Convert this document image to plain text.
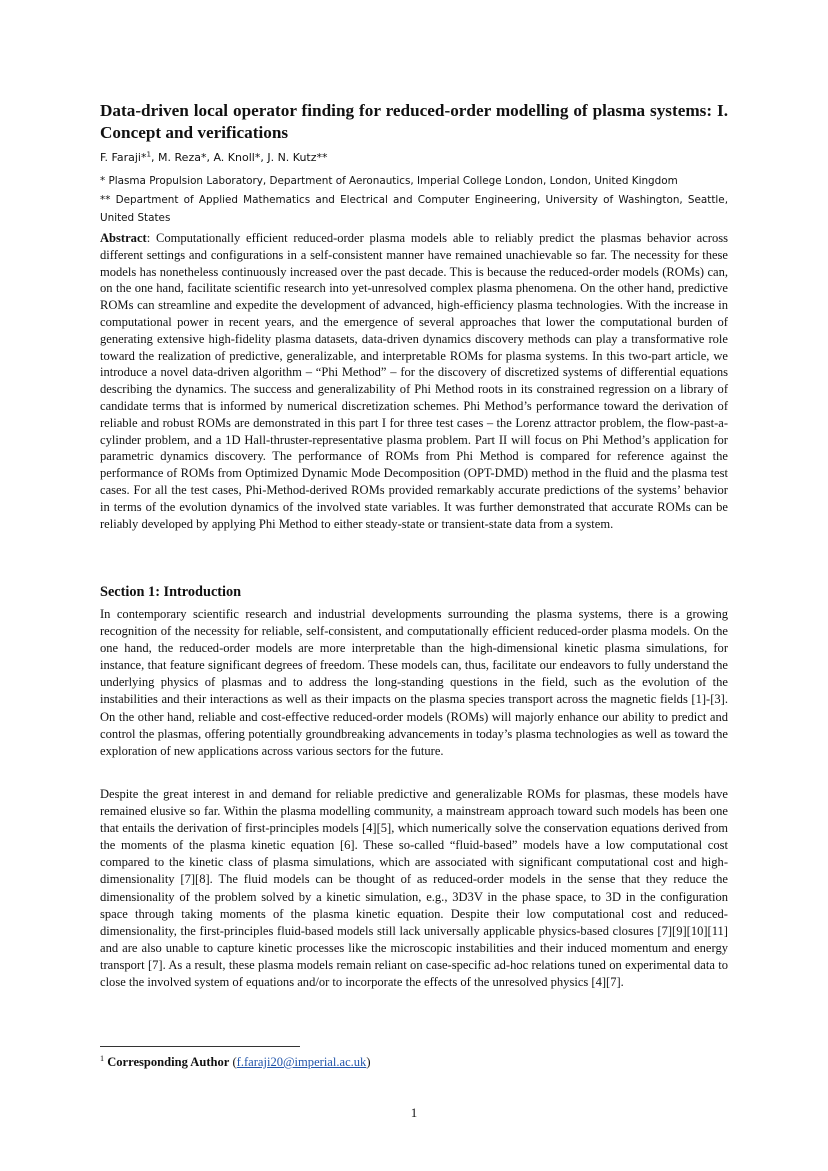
Data-driven local operator finding for reduced-order modelling of plasma systems: I. Concept and verifications
F. Faraji*$^1$, M. Reza*, A. Knoll*, J. N. Kutz**
* Plasma Propulsion Laboratory, Department of Aeronautics, Imperial College London, London, United Kingdom
** Department of Applied Mathematics and Electrical and Computer Engineering, University of Washington, Seattle, United States

Abstract: Computationally efficient reduced-order plasma models able to reliably predict the plasmas behavior across different settings and configurations in a self-consistent manner have remained unachievable so far. The necessity for these models has nonetheless continuously increased over the past decade. This is because the reduced-order models (ROMs) can, on the one hand, facilitate scientific research into yet-unresolved complex plasma phenomena. On the other hand, predictive ROMs can streamline and expedite the development of advanced, high-efficiency plasma technologies. With the increase in computational power in recent years, and the emergence of several approaches that lower the computational burden of generating extensive high-fidelity plasma datasets, data-driven dynamics discovery methods can play a transformative role toward the realization of predictive, generalizable, and interpretable ROMs for plasma systems. In this two-part article, we introduce a novel data-driven algorithm – “Phi Method” – for the discovery of discretized systems of differential equations describing the dynamics. The success and generalizability of Phi Method roots in its constrained regression on a library of candidate terms that is informed by numerical discretization schemes. Phi Method’s performance toward the derivation of reliable and robust ROMs are demonstrated in this part I for three test cases – the Lorenz attractor problem, the flow-past-a-cylinder problem, and a 1D Hall-thruster-representative plasma problem. Part II will focus on Phi Method’s application for parametric dynamics discovery. The performance of ROMs from Phi Method is compared for reference against the performance of ROMs from Optimized Dynamic Mode Decomposition (OPT-DMD) method in the fluid and the plasma test cases. For all the test cases, Phi-Method-derived ROMs provided remarkably accurate predictions of the systems’ behavior in terms of the evolution dynamics of the involved state variables. It was further demonstrated that accurate ROMs can be reliably developed by applying Phi Method to either steady-state or transient-state data from a system.

Section 1: Introduction

In contemporary scientific research and industrial developments surrounding the plasma systems, there is a growing recognition of the necessity for reliable, self-consistent, and computationally efficient reduced-order plasma models. On the one hand, the reduced-order models are more interpretable than the high-dimensional kinetic plasma simulations, for instance, that feature significant degrees of freedom. These models can, thus, facilitate our endeavors to fully understand the underlying physics of plasmas and to address the long-standing questions in the field, such as the evolution of the instabilities and their interactions as well as their impacts on the plasma species transport across the magnetic fields [1]-[3]. On the other hand, reliable and cost-effective reduced-order models (ROMs) will majorly enhance our ability to predict and control the plasmas, offering potentially groundbreaking advancements in today’s plasma technologies as well as toward the exploration of new applications across various sectors for the future.

Despite the great interest in and demand for reliable predictive and generalizable ROMs for plasmas, these models have remained elusive so far. Within the plasma modelling community, a mainstream approach toward such models has been one that entails the derivation of first-principles models [4][5], which numerically solve the conservation equations derived from the moments of the plasma kinetic equation [6]. These so-called “fluid-based” models have a low computational cost compared to the kinetic class of plasma simulations, which are associated with significant computational cost and high-dimensionality [7][8]. The fluid models can be thought of as reduced-order models in the sense that they reduce the dimensionality of the problem solved by a kinetic simulation, e.g., 3D3V in the phase space, to 3D in the configuration space through taking moments of the plasma kinetic equation. Despite their low computational cost and reduced-dimensionality, the first-principles fluid-based models still lack universally applicable physics-based closures [7][9][10][11] and are also unable to capture kinetic processes like the microscopic instabilities and their induced momentum and energy transport [7]. As a result, these plasma models remain reliant on case-specific ad-hoc relations tuned on experimental data to close the involved system of equations and/or to incorporate the effects of the unresolved physics [4][7].

$^1$ Corresponding Author (f.faraji20@imperial.ac.uk)
1
